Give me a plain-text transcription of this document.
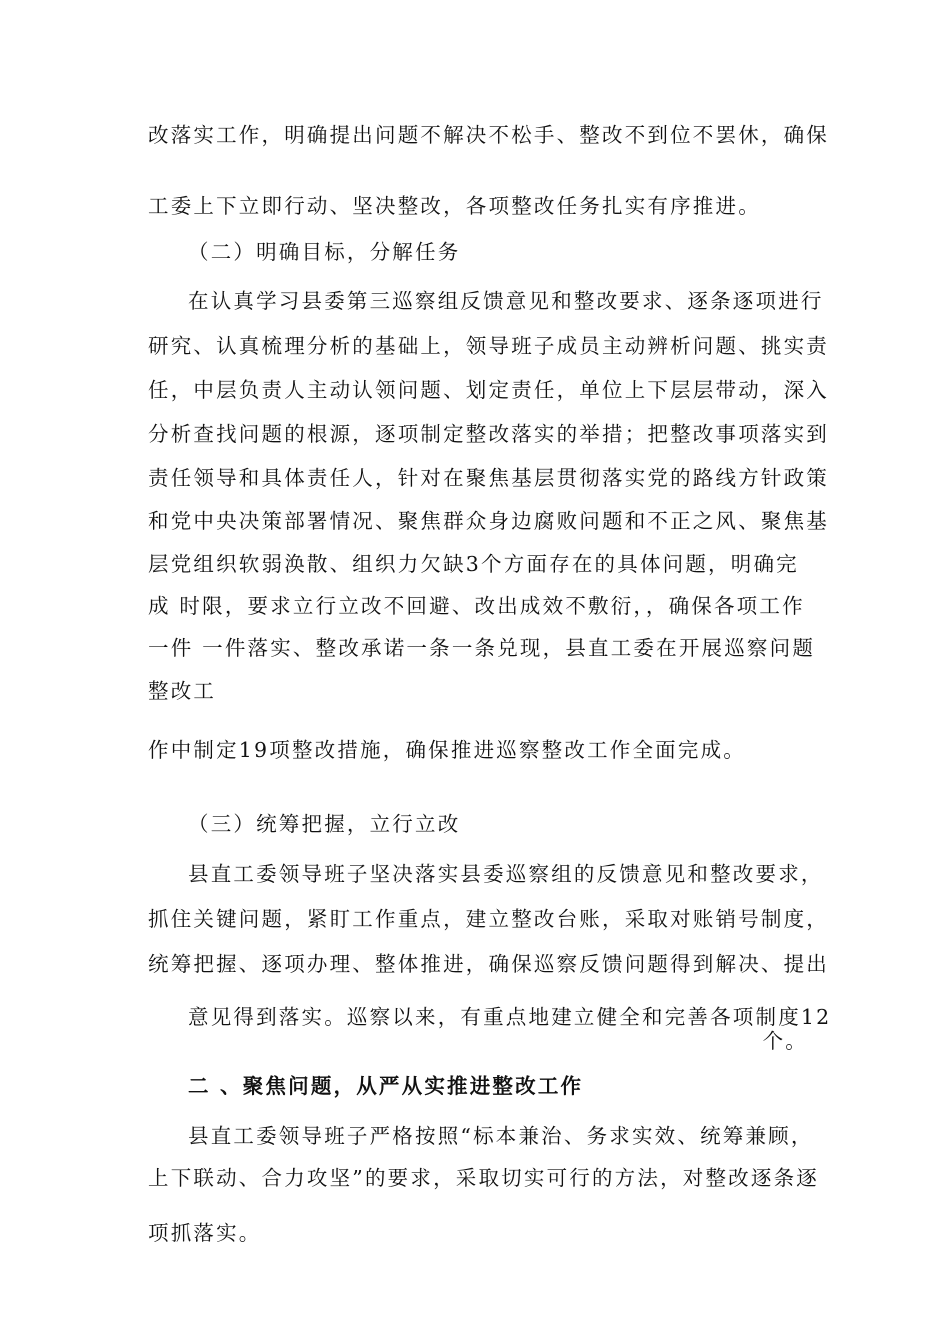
改落实工作，明确提出问题不解决不松手、整改不到位不罢休，确保
工委上下立即行动、坚决整改，各项整改任务扎实有序推进。
（二）明确目标，分解任务
在认真学习县委第三巡察组反馈意见和整改要求、逐条逐项进行
研究、认真梳理分析的基础上，领导班子成员主动辨析问题、挑实责
任，中层负责人主动认领问题、划定责任，单位上下层层带动，深入
分析查找问题的根源，逐项制定整改落实的举措；把整改事项落实到
责任领导和具体责任人，针对在聚焦基层贯彻落实党的路线方针政策
和党中央决策部署情况、聚焦群众身边腐败问题和不正之风、聚焦基
层党组织软弱涣散、组织力欠缺3个方面存在的具体问题，明确完
成 时限，要求立行立改不回避、改出成效不敷衍，，确保各项工作
一件 一件落实、整改承诺一条一条兑现，县直工委在开展巡察问题
整改工
作中制定19项整改措施，确保推进巡察整改工作全面完成。
（三）统筹把握，立行立改
县直工委领导班子坚决落实县委巡察组的反馈意见和整改要求，
抓住关键问题，紧盯工作重点，建立整改台账，采取对账销号制度，
统筹把握、逐项办理、整体推进，确保巡察反馈问题得到解决、提出
意见得到落实。巡察以来，有重点地建立健全和完善各项制度12
个。
二 、聚焦问题，从严从实推进整改工作
县直工委领导班子严格按照“标本兼治、务求实效、统筹兼顾，
上下联动、合力攻坚”的要求，采取切实可行的方法，对整改逐条逐
项抓落实。
